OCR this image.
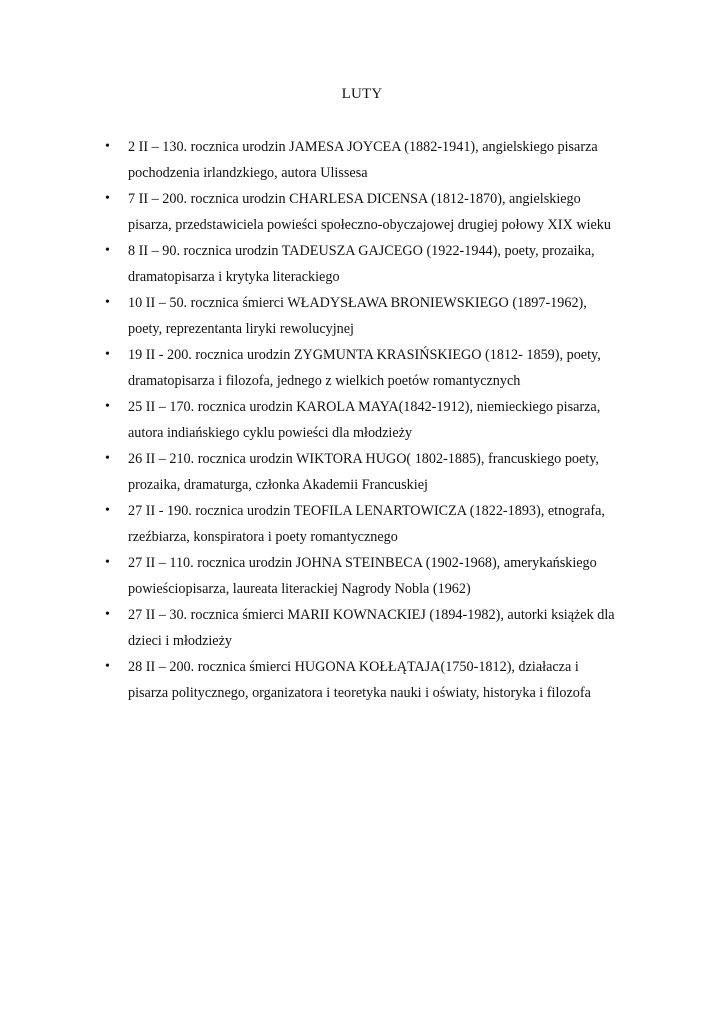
LUTY
• 2 II – 130. rocznica urodzin JAMESA JOYCEA (1882-1941), angielskiego pisarza
pochodzenia irlandzkiego, autora Ulissesa
• 7 II – 200. rocznica urodzin CHARLESA DICENSA (1812-1870), angielskiego
pisarza, przedstawiciela powieści społeczno-obyczajowej drugiej połowy XIX wieku
• 8 II – 90. rocznica urodzin TADEUSZA GAJCEGO (1922-1944), poety, prozaika,
dramatopisarza i krytyka literackiego
• 10 II – 50. rocznica śmierci WŁADYSŁAWA BRONIEWSKIEGO (1897-1962),
poety, reprezentanta liryki rewolucyjnej
• 19 II - 200. rocznica urodzin ZYGMUNTA KRASIŃSKIEGO (1812- 1859), poety,
dramatopisarza i filozofa, jednego z wielkich poetów romantycznych
• 25 II – 170. rocznica urodzin KAROLA MAYA(1842-1912), niemieckiego pisarza,
autora indiańskiego cyklu powieści dla młodzieży
• 26 II – 210. rocznica urodzin WIKTORA HUGO( 1802-1885), francuskiego poety,
prozaika, dramaturga, członka Akademii Francuskiej
• 27 II - 190. rocznica urodzin TEOFILA LENARTOWICZA (1822-1893), etnografa,
rzeźbiarza, konspiratora i poety romantycznego
• 27 II – 110. rocznica urodzin JOHNA STEINBECA (1902-1968), amerykańskiego
powieściopisarza, laureata literackiej Nagrody Nobla (1962)
• 27 II – 30. rocznica śmierci MARII KOWNACKIEJ (1894-1982), autorki książek dla
dzieci i młodzieży
• 28 II – 200. rocznica śmierci HUGONA KOŁŁĄTAJA(1750-1812), działacza i
pisarza politycznego, organizatora i teoretyka nauki i oświaty, historyka i filozofa
